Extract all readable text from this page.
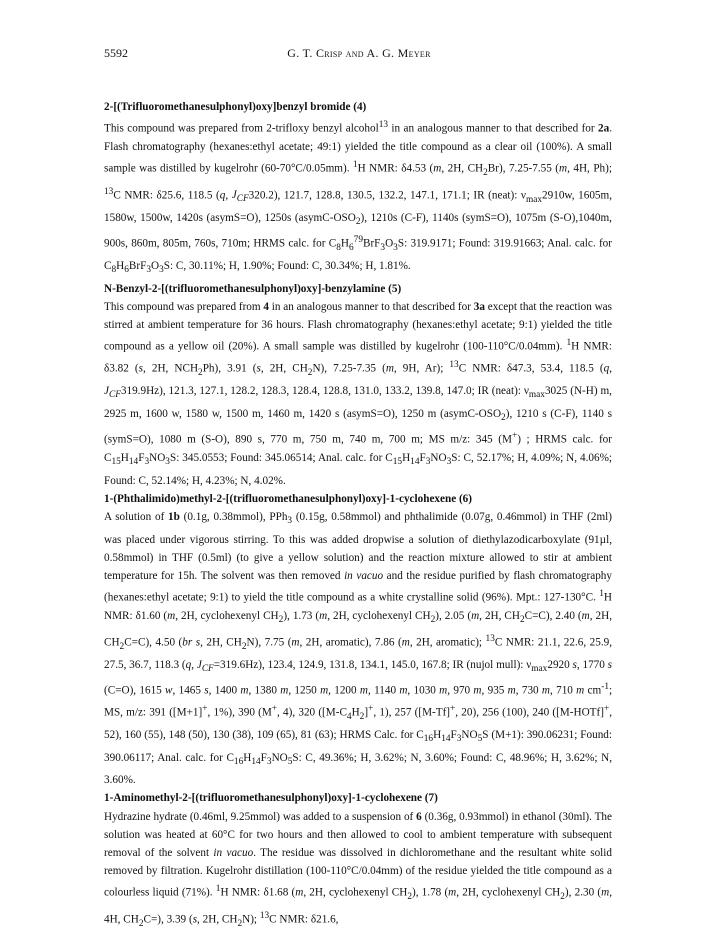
5592	G. T. Crisp and A. G. Meyer

2-[(Trifluoromethanesulphonyl)oxy]benzyl bromide (4)

This compound was prepared from 2-trifloxy benzyl alcohol$^{13}$ in an analogous manner to that described for 2a. Flash chromatography (hexanes:ethyl acetate; 49:1) yielded the title compound as a clear oil (100%). A small sample was distilled by kugelrohr (60-70°C/0.05mm). $^1$H NMR: δ4.53 (m, 2H, $CH_2Br$), 7.25-7.55 (m, 4H, Ph); $^{13}$C NMR: δ25.6, 118.5 (q, $J_{CF}320.2$), 121.7, 128.8, 130.5, 132.2, 147.1, 171.1; IR (neat): $\nu_{max}2910w$, 1605m, 1580w, 1500w, 1420s (asymS=O), 1250s $(asymC-OSO_2)$, 1210s (C-F), 1140s (symS=O), 1075m (S-O),1040m, 900s, 860m, 805m, 760s, 710m; HRMS calc. for $C_8H_6^{79}BrF_3O_3S$: 319.9171; Found: 319.91663; Anal. calc. for $C_8H_6BrF_3O_3S$: C, 30.11%; H, 1.90%; Found: C, 30.34%; H, 1.81%.

N-Benzyl-2-[(trifluoromethanesulphonyl)oxy]-benzylamine (5)

This compound was prepared from 4 in an analogous manner to that described for 3a except that the reaction was stirred at ambient temperature for 36 hours. Flash chromatography (hexanes:ethyl acetate; 9:1) yielded the title compound as a yellow oil (20%). A small sample was distilled by kugelrohr (100-110°C/0.04mm). $^1$H NMR: δ3.82 (s, 2H, $NCH_2Ph$), 3.91 (s, 2H, $CH_2N$), 7.25-7.35 (m, 9H, Ar); $^{13}$C NMR: δ47.3, 53.4, 118.5 (q, $J_{CF}319.9Hz$), 121.3, 127.1, 128.2, 128.3, 128.4, 128.8, 131.0, 133.2, 139.8, 147.0; IR (neat): $\nu_{max}3025$ (N-H) m, 2925 m, 1600 w, 1580 w, 1500 m, 1460 m, 1420 s (asymS=O), 1250 m $(asymC-OSO_2)$, 1210 s (C-F), 1140 s (symS=O), 1080 m (S-O), 890 s, 770 m, 750 m, 740 m, 700 m; MS m/z: 345 (M+) ; HRMS calc. for $C_{15}H_{14}F_3NO_3S$: 345.0553; Found: 345.06514; Anal. calc. for $C_{15}H_{14}F_3NO_3S$: C, 52.17%; H, 4.09%; N, 4.06%; Found: C, 52.14%; H, 4.23%; N, 4.02%.

1-(Phthalimido)methyl-2-[(trifluoromethanesulphonyl)oxy]-1-cyclohexene (6)

A solution of 1b (0.1g, 0.38mmol), PPh$_3$ (0.15g, 0.58mmol) and phthalimide (0.07g, 0.46mmol) in THF (2ml) was placed under vigorous stirring. To this was added dropwise a solution of diethylazodicarboxylate (91µl, 0.58mmol) in THF (0.5ml) (to give a yellow solution) and the reaction mixture allowed to stir at ambient temperature for 15h. The solvent was then removed in vacuo and the residue purified by flash chromatography (hexanes:ethyl acetate; 9:1) to yield the title compound as a white crystalline solid (96%). Mpt.: 127-130°C. $^1$H NMR: δ1.60 (m, 2H, cyclohexenyl $CH_2$), 1.73 (m, 2H, cyclohexenyl $CH_2$), 2.05 (m, 2H, $CH_2C=C$), 2.40 (m, 2H, $CH_2C=C$), 4.50 (br s, 2H, $CH_2N$), 7.75 (m, 2H, aromatic), 7.86 (m, 2H, aromatic); $^{13}$C NMR: 21.1, 22.6, 25.9, 27.5, 36.7, 118.3 (q, $J_{CF}=319.6Hz$), 123.4, 124.9, 131.8, 134.1, 145.0, 167.8; IR (nujol mull): $\nu_{max}2920$ s, 1770 s (C=O), 1615 w, 1465 s, 1400 m, 1380 m, 1250 m, 1200 m, 1140 m, 1030 m, 970 m, 935 m, 730 m, 710 m $cm^{-1}$; MS, m/z: 391 ([M+1]+, 1%), 390 (M+, 4), 320 ($[M-C_4H_2]^+$, 1), 257 ([M-Tf]+, 20), 256 (100), 240 ([M-HOTf]+, 52), 160 (55), 148 (50), 130 (38), 109 (65), 81 (63); HRMS Calc. for $C_{16}H_{14}F_3NO_5S$ (M+1): 390.06231; Found: 390.06117; Anal. calc. for $C_{16}H_{14}F_3NO_5S$: C, 49.36%; H, 3.62%; N, 3.60%; Found: C, 48.96%; H, 3.62%; N, 3.60%.

1-Aminomethyl-2-[(trifluoromethanesulphonyl)oxy]-1-cyclohexene (7)

Hydrazine hydrate (0.46ml, 9.25mmol) was added to a suspension of 6 (0.36g, 0.93mmol) in ethanol (30ml). The solution was heated at 60°C for two hours and then allowed to cool to ambient temperature with subsequent removal of the solvent in vacuo. The residue was dissolved in dichloromethane and the resultant white solid removed by filtration. Kugelrohr distillation (100-110°C/0.04mm) of the residue yielded the title compound as a colourless liquid (71%). $^1$H NMR: δ1.68 (m, 2H, cyclohexenyl $CH_2$), 1.78 (m, 2H, cyclohexenyl $CH_2$), 2.30 (m, 4H, $CH_2C=$), 3.39 (s, 2H, $CH_2N$); $^{13}$C NMR: δ21.6,
